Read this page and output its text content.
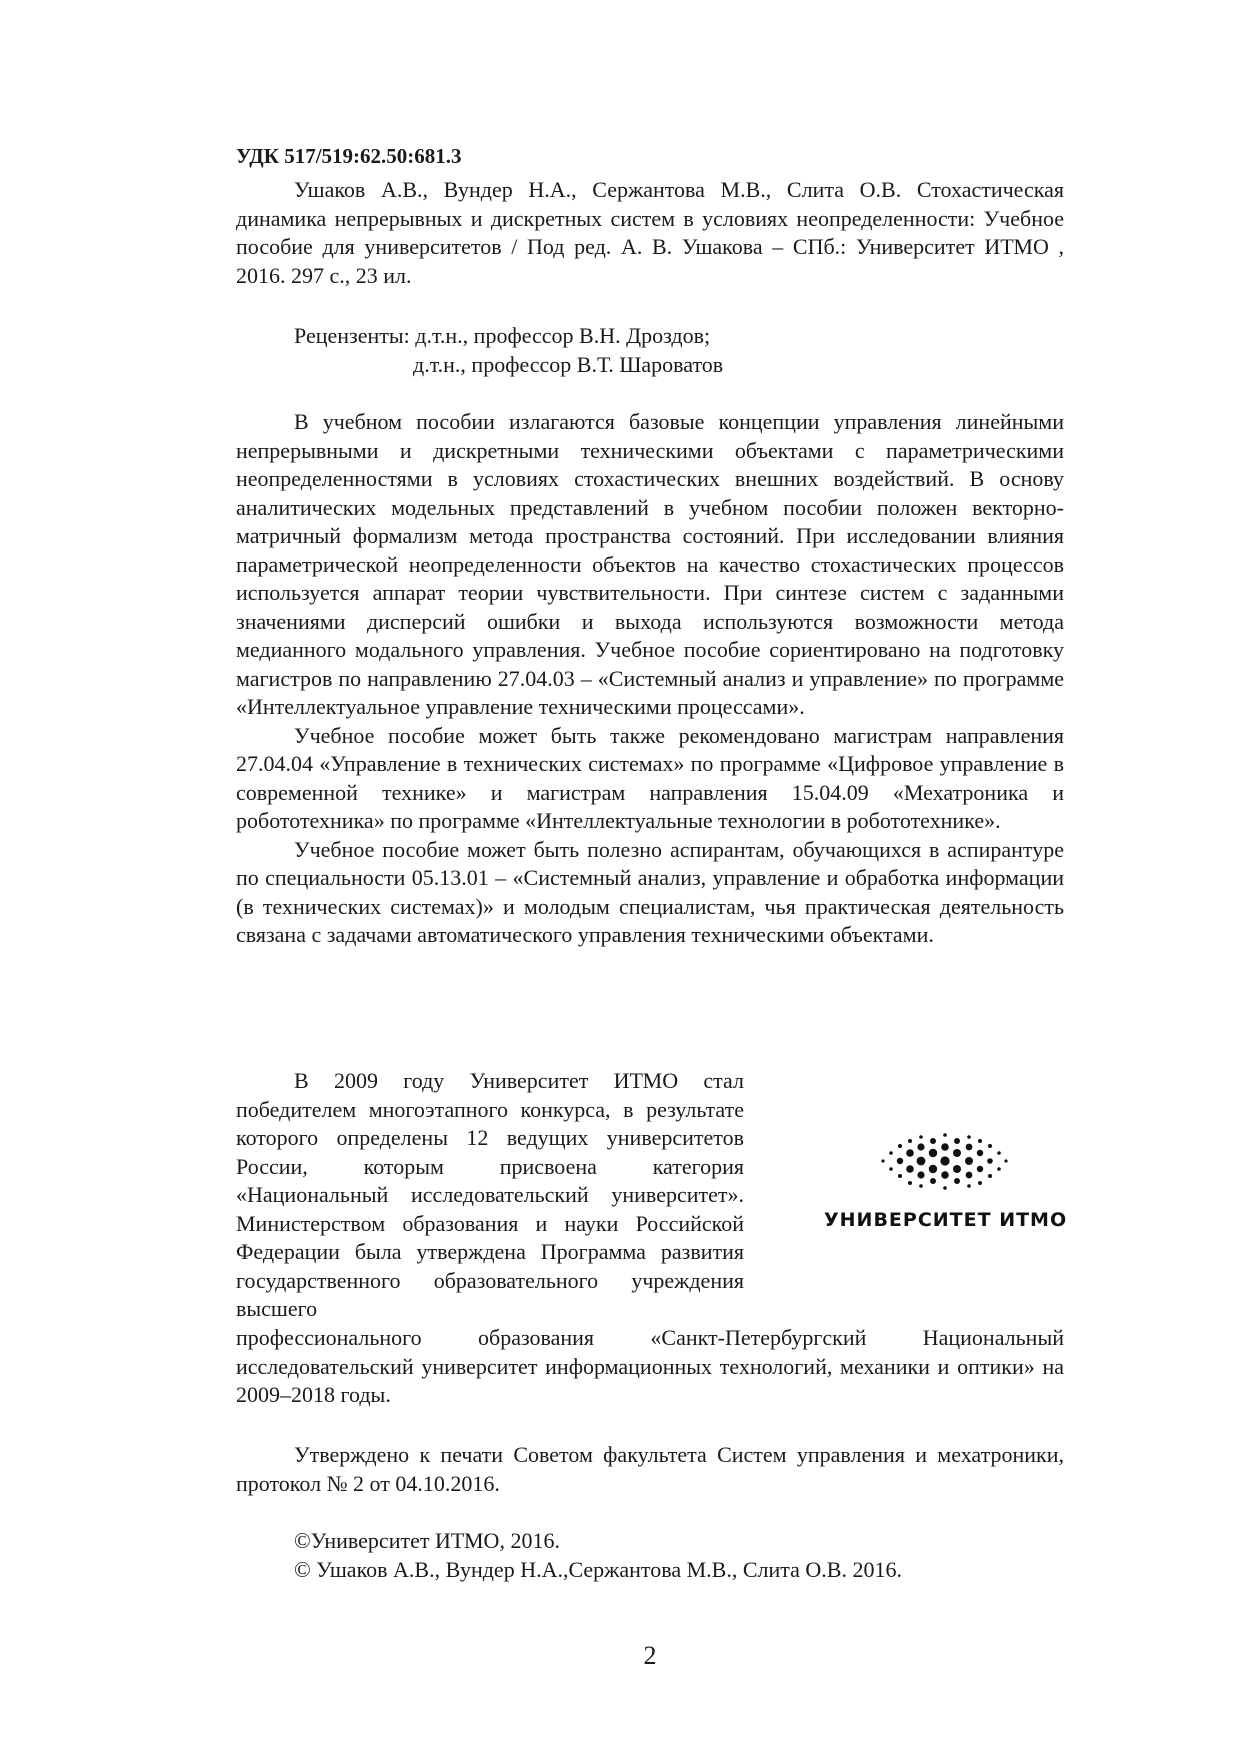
УДК 517/519:62.50:681.3

Ушаков А.В., Вундер Н.А., Сержантова М.В., Слита О.В. Стохастическая динамика непрерывных и дискретных систем в условиях неопределенности: Учебное пособие для университетов / Под ред. А. В. Ушакова – СПб.: Университет ИТМО , 2016. 297 с., 23 ил.

Рецензенты: д.т.н., профессор В.Н. Дроздов;
д.т.н., профессор В.Т. Шароватов

В учебном пособии излагаются базовые концепции управления линейными непрерывными и дискретными техническими объектами с параметрическими неопределенностями в условиях стохастических внешних воздействий. В основу аналитических модельных представлений в учебном пособии положен векторно-матричный формализм метода пространства состояний. При исследовании влияния параметрической неопределенности объектов на качество стохастических процессов используется аппарат теории чувствительности. При синтезе систем с заданными значениями дисперсий ошибки и выхода используются возможности метода медианного модального управления. Учебное пособие сориентировано на подготовку магистров по направлению 27.04.03 – «Системный анализ и управление» по программе «Интеллектуальное управление техническими процессами».

Учебное пособие может быть также рекомендовано магистрам направления 27.04.04 «Управление в технических системах» по программе «Цифровое управление в современной технике» и магистрам направления 15.04.09 «Мехатроника и робототехника» по программе «Интеллектуальные технологии в робототехнике».

Учебное пособие может быть полезно аспирантам, обучающихся в аспирантуре по специальности 05.13.01 – «Системный анализ, управление и обработка информации (в технических системах)» и молодым специалистам, чья практическая деятельность связана с задачами автоматического управления техническими объектами.

В 2009 году Университет ИТМО стал победителем многоэтапного конкурса, в результате которого определены 12 ведущих университетов России, которым присвоена категория «Национальный исследовательский университет». Министерством образования и науки Российской Федерации была утверждена Программа развития государственного образовательного учреждения высшего

УНИВЕРСИТЕТ ИТМО

профессионального образования «Санкт-Петербургский Национальный исследовательский университет информационных технологий, механики и оптики» на 2009–2018 годы.

Утверждено к печати Советом факультета Систем управления и мехатроники, протокол № 2 от 04.10.2016.

©Университет ИТМО, 2016.
© Ушаков А.В., Вундер Н.А.,Сержантова М.В., Слита О.В. 2016.
2
